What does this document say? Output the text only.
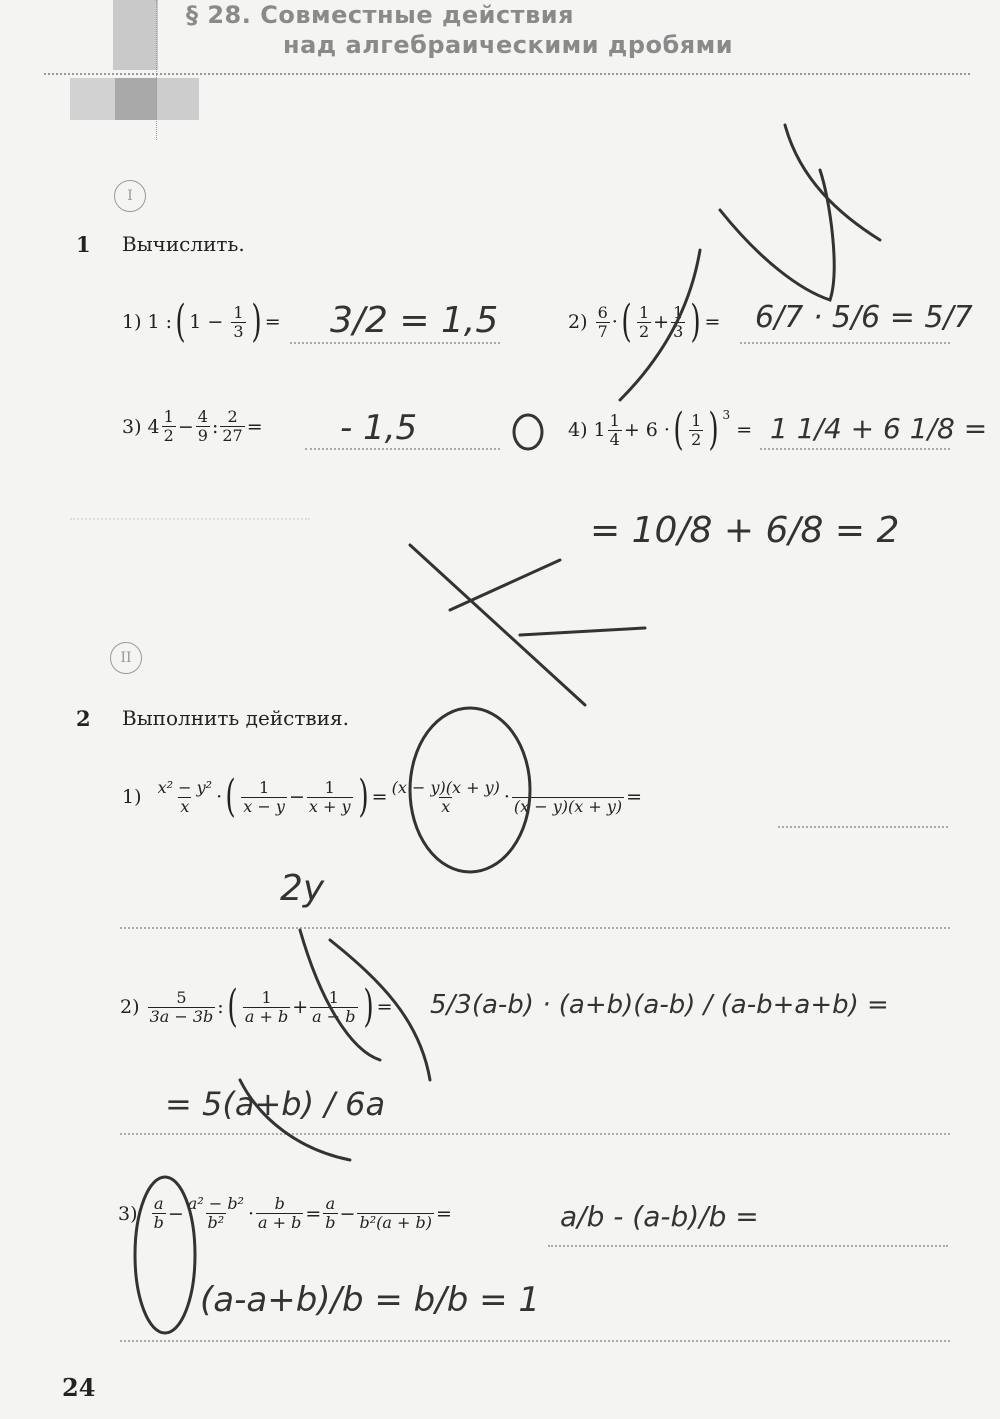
§ 28. Совместные действия
над алгебраическими дробями
I
1 Вычислить.
1) 1 : ( $1 - \frac{1}{3}$ ) =	2)
$\frac{6}{7}$ · ( $\frac{1}{2} + \frac{1}{3}$ ) =
3) $4 \frac{1}{2} - \frac{4}{9}$ : $\frac{2}{27}$ =	4) $1 \frac{1}{4} + 6$ · ( $\frac{1}{2}$ ) $^3$
=
II
2 Выполнить действия.
1)
$\frac{\text{x² − y²}}{x}$ · ( $\frac{1}{x - y} - \frac{1}{x + y}$ ) = $\frac{(x - y)(x + y)}{x}$ ·
(x − y)(x + y) =
2)
$\frac{5}{3a - 3b}$ : ( $\frac{1}{a + b} + \frac{1}{a - b}$ ) =
3)
$\frac{a}{b} - \frac{\text{a² − b²}}{\text{b²}} \cdot \frac{b}{a + b} = \frac{a}{b}$ −
b²(a + b) =
24
3/2 = 1,5	6/7 · 5/6 = 5/7
- 1,5	1 1/4 + 6 1/8 =
= 10/8 + 6/8 = 2
2y
5/3(a-b) · (a+b)(a-b) / (a-b+a+b) =
= 5(a+b) / 6a
a/b - (a-b)/b =
(a-a+b)/b = b/b = 1
